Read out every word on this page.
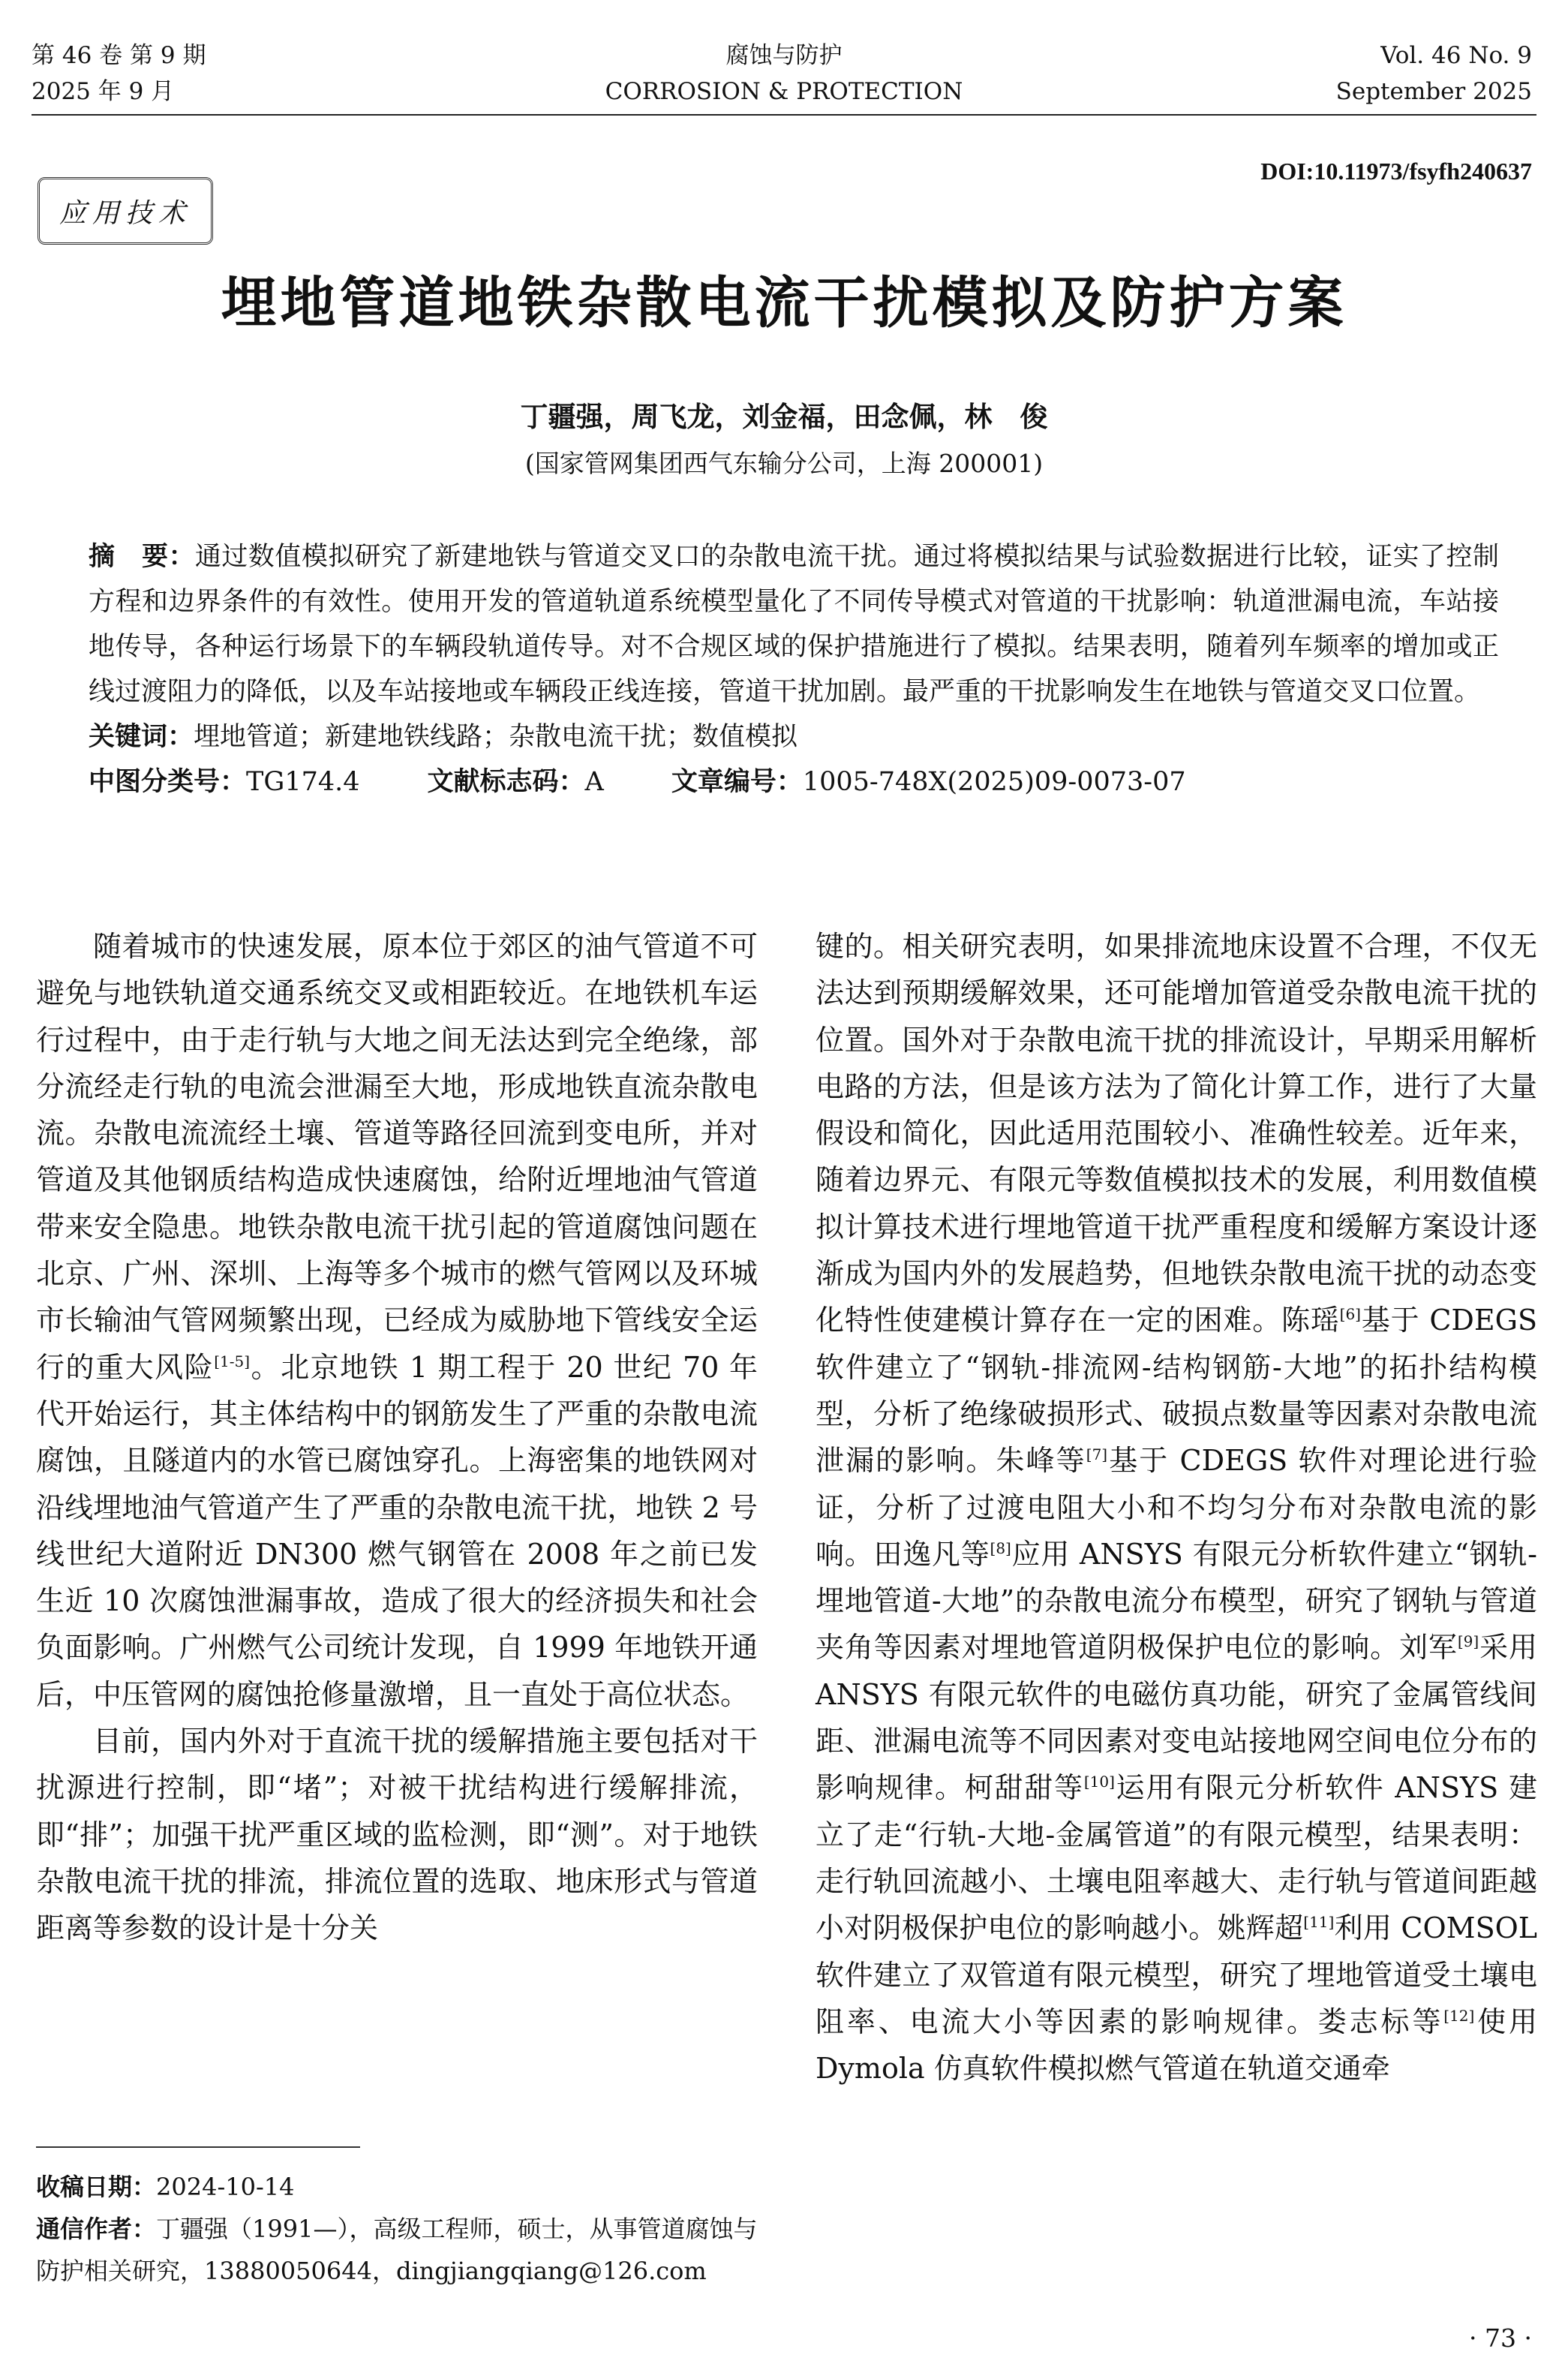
第 46 卷 第 9 期
2025 年 9 月
腐蚀与防护
CORROSION & PROTECTION
Vol. 46 No. 9
September 2025
DOI:10.11973/fsyfh240637
应用技术
埋地管道地铁杂散电流干扰模拟及防护方案
丁疆强，周飞龙，刘金福，田念佩，林　俊
(国家管网集团西气东输分公司，上海 200001)

摘　要：通过数值模拟研究了新建地铁与管道交叉口的杂散电流干扰。通过将模拟结果与试验数据进行比较，证实了控制方程和边界条件的有效性。使用开发的管道轨道系统模型量化了不同传导模式对管道的干扰影响：轨道泄漏电流，车站接地传导，各种运行场景下的车辆段轨道传导。对不合规区域的保护措施进行了模拟。结果表明，随着列车频率的增加或正线过渡阻力的降低，以及车站接地或车辆段正线连接，管道干扰加剧。最严重的干扰影响发生在地铁与管道交叉口位置。

关键词：埋地管道；新建地铁线路；杂散电流干扰；数值模拟

中图分类号：TG174.4	文献标志码：A	文章编号：1005-748X(2025)09-0073-07

随着城市的快速发展，原本位于郊区的油气管道不可避免与地铁轨道交通系统交叉或相距较近。在地铁机车运行过程中，由于走行轨与大地之间无法达到完全绝缘，部分流经走行轨的电流会泄漏至大地，形成地铁直流杂散电流。杂散电流流经土壤、管道等路径回流到变电所，并对管道及其他钢质结构造成快速腐蚀，给附近埋地油气管道带来安全隐患。地铁杂散电流干扰引起的管道腐蚀问题在北京、广州、深圳、上海等多个城市的燃气管网以及环城市长输油气管网频繁出现，已经成为威胁地下管线安全运行的重大风险[1-5]。北京地铁 1 期工程于 20 世纪 70 年代开始运行，其主体结构中的钢筋发生了严重的杂散电流腐蚀，且隧道内的水管已腐蚀穿孔。上海密集的地铁网对沿线埋地油气管道产生了严重的杂散电流干扰，地铁 2 号线世纪大道附近 DN300 燃气钢管在 2008 年之前已发生近 10 次腐蚀泄漏事故，造成了很大的经济损失和社会负面影响。广州燃气公司统计发现，自 1999 年地铁开通后，中压管网的腐蚀抢修量激增，且一直处于高位状态。

目前，国内外对于直流干扰的缓解措施主要包括对干扰源进行控制，即“堵”；对被干扰结构进行缓解排流，即“排”；加强干扰严重区域的监检测，即“测”。对于地铁杂散电流干扰的排流，排流位置的选取、地床形式与管道距离等参数的设计是十分关

键的。相关研究表明，如果排流地床设置不合理，不仅无法达到预期缓解效果，还可能增加管道受杂散电流干扰的位置。国外对于杂散电流干扰的排流设计，早期采用解析电路的方法，但是该方法为了简化计算工作，进行了大量假设和简化，因此适用范围较小、准确性较差。近年来，随着边界元、有限元等数值模拟技术的发展，利用数值模拟计算技术进行埋地管道干扰严重程度和缓解方案设计逐渐成为国内外的发展趋势，但地铁杂散电流干扰的动态变化特性使建模计算存在一定的困难。陈瑶[6]基于 CDEGS 软件建立了“钢轨-排流网-结构钢筋-大地”的拓扑结构模型，分析了绝缘破损形式、破损点数量等因素对杂散电流泄漏的影响。朱峰等[7]基于 CDEGS 软件对理论进行验证，分析了过渡电阻大小和不均匀分布对杂散电流的影响。田逸凡等[8]应用 ANSYS 有限元分析软件建立“钢轨-埋地管道-大地”的杂散电流分布模型，研究了钢轨与管道夹角等因素对埋地管道阴极保护电位的影响。刘军[9]采用 ANSYS 有限元软件的电磁仿真功能，研究了金属管线间距、泄漏电流等不同因素对变电站接地网空间电位分布的影响规律。柯甜甜等[10]运用有限元分析软件 ANSYS 建立了走“行轨-大地-金属管道”的有限元模型，结果表明：走行轨回流越小、土壤电阻率越大、走行轨与管道间距越小对阴极保护电位的影响越小。姚辉超[11]利用 COMSOL 软件建立了双管道有限元模型，研究了埋地管道受土壤电阻率、电流大小等因素的影响规律。娄志标等[12]使用 Dymola 仿真软件模拟燃气管道在轨道交通牵

收稿日期：2024-10-14

通信作者：丁疆强（1991—），高级工程师，硕士，从事管道腐蚀与防护相关研究，13880050644，dingjiangqiang@126.com

· 73 ·
